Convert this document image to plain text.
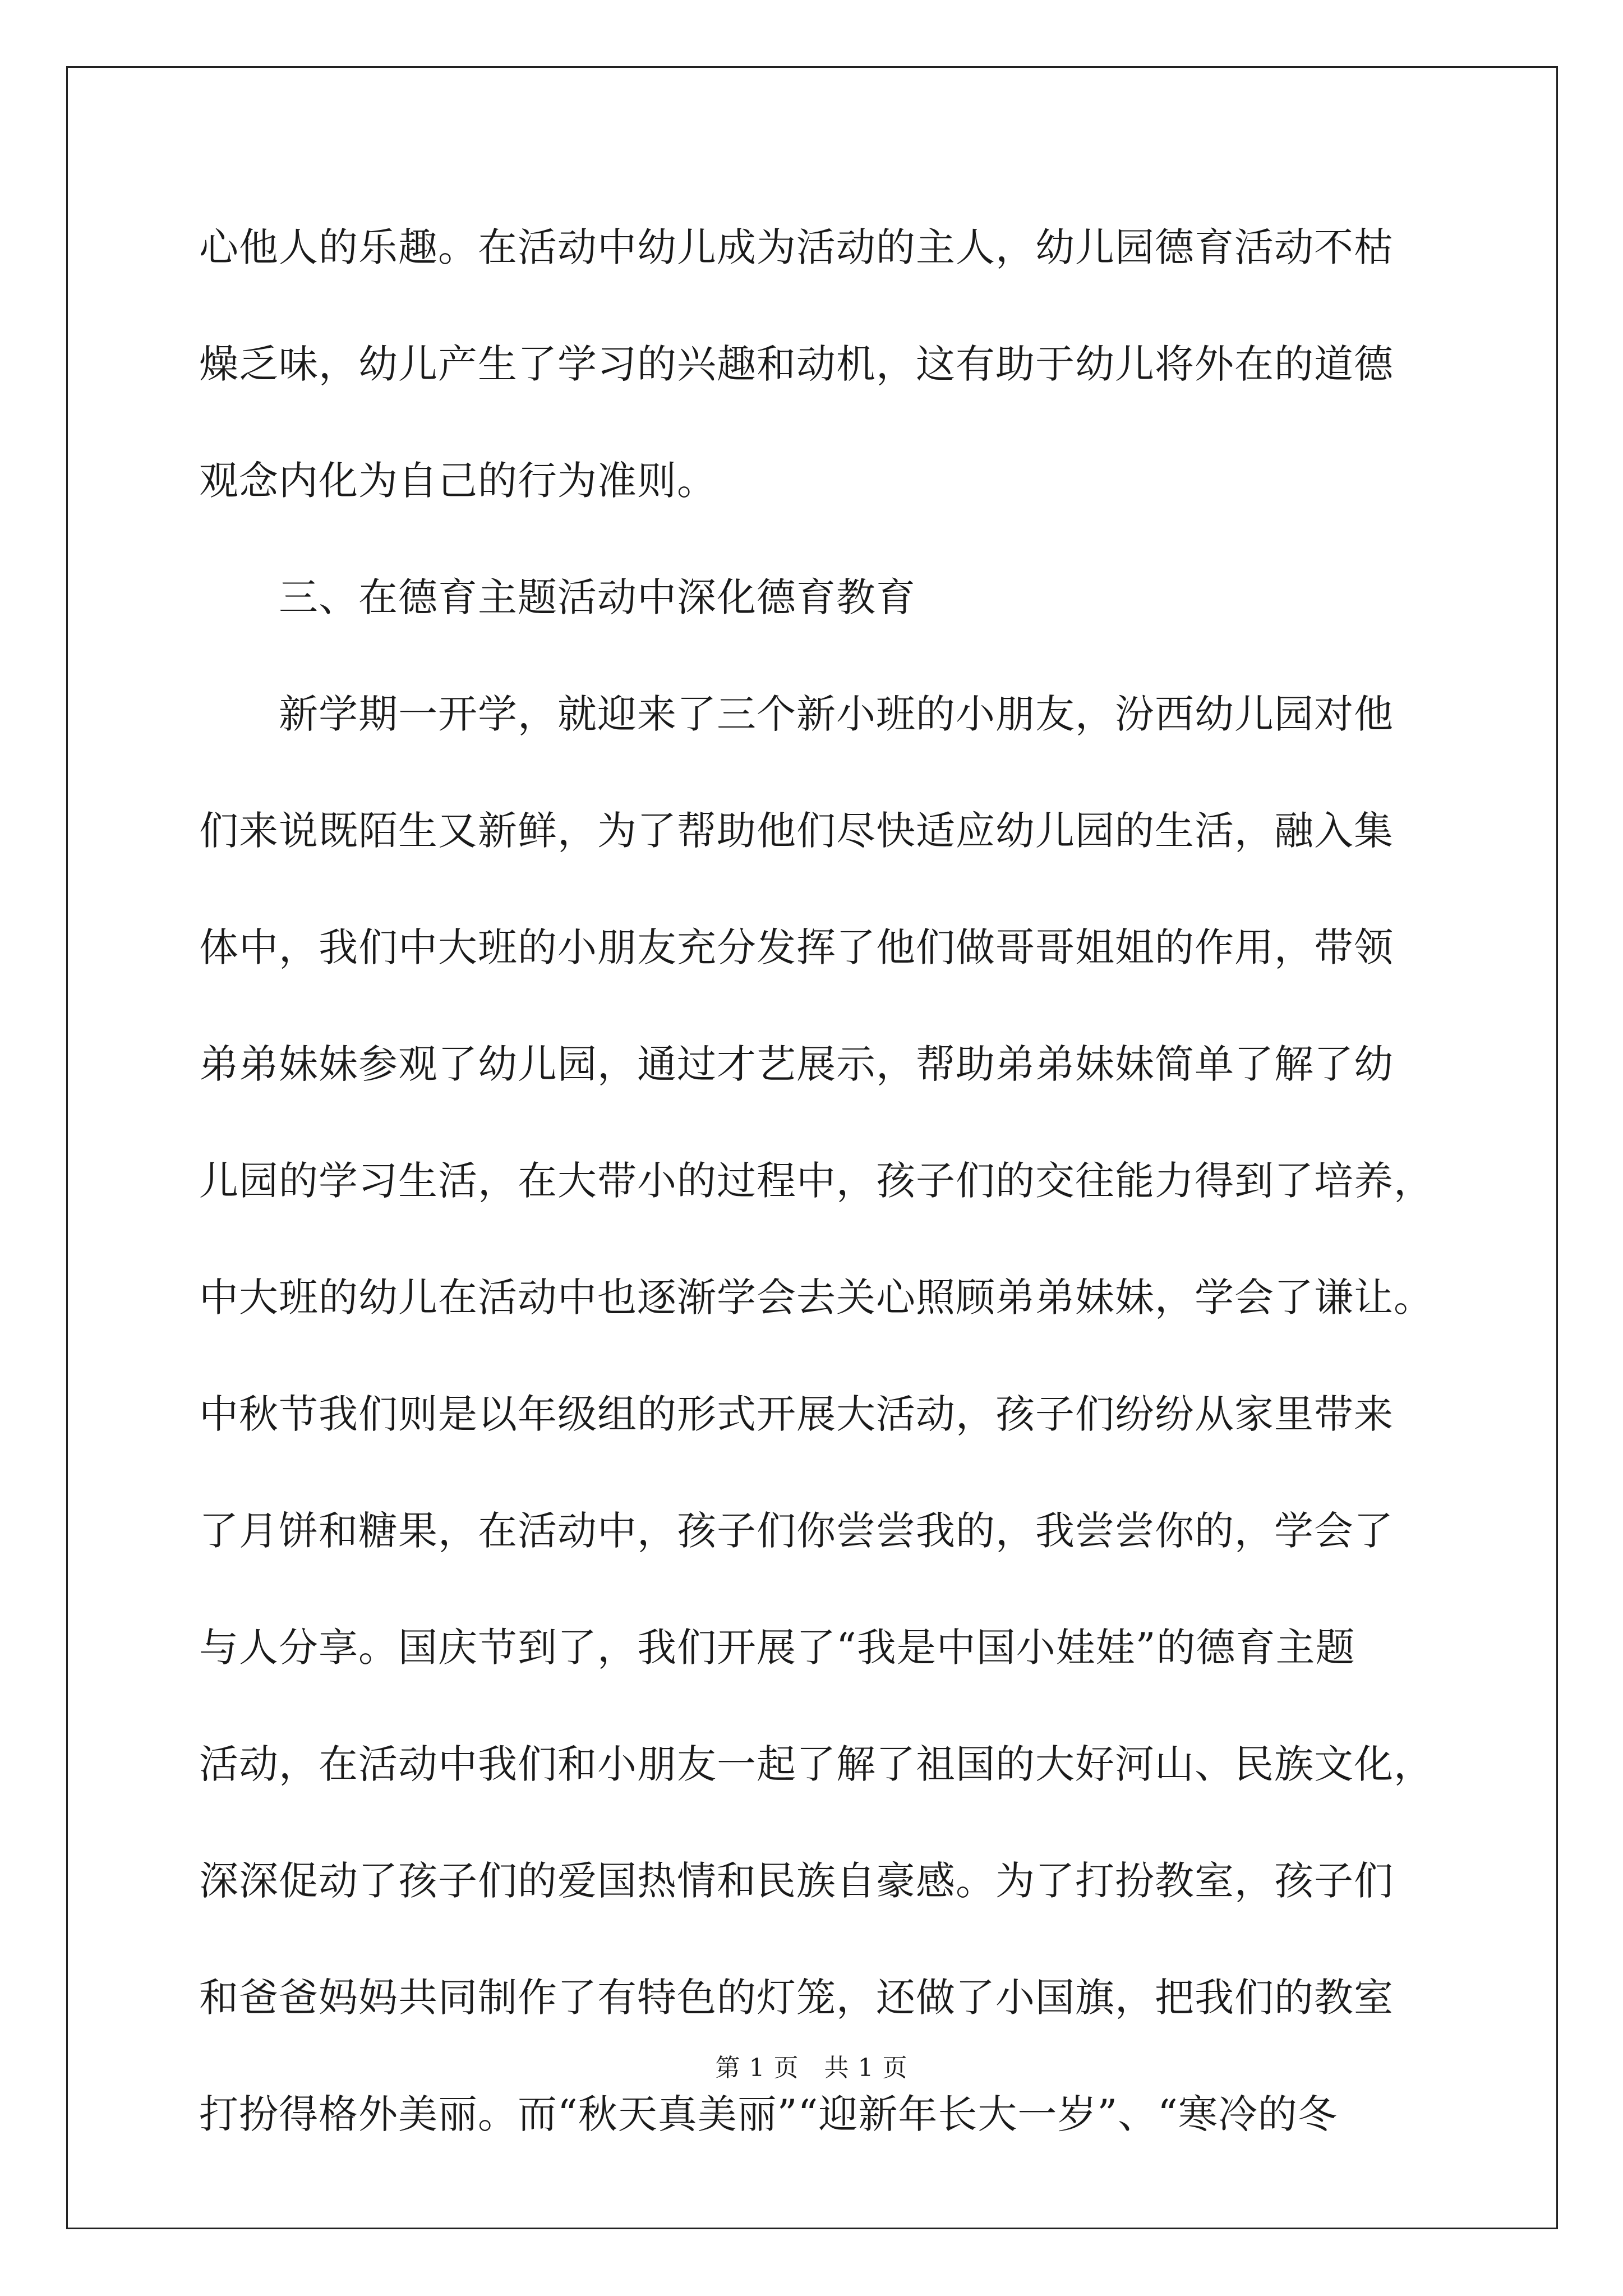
心他人的乐趣。在活动中幼儿成为活动的主人，幼儿园德育活动不枯
燥乏味，幼儿产生了学习的兴趣和动机，这有助于幼儿将外在的道德
观念内化为自己的行为准则。
　　三、在德育主题活动中深化德育教育
　　新学期一开学，就迎来了三个新小班的小朋友，汾西幼儿园对他
们来说既陌生又新鲜，为了帮助他们尽快适应幼儿园的生活，融入集
体中，我们中大班的小朋友充分发挥了他们做哥哥姐姐的作用，带领
弟弟妹妹参观了幼儿园，通过才艺展示，帮助弟弟妹妹简单了解了幼
儿园的学习生活，在大带小的过程中，孩子们的交往能力得到了培养，
中大班的幼儿在活动中也逐渐学会去关心照顾弟弟妹妹，学会了谦让。
中秋节我们则是以年级组的形式开展大活动，孩子们纷纷从家里带来
了月饼和糖果，在活动中，孩子们你尝尝我的，我尝尝你的，学会了
与人分享。国庆节到了，我们开展了“我是中国小娃娃”的德育主题
活动，在活动中我们和小朋友一起了解了祖国的大好河山、民族文化，
深深促动了孩子们的爱国热情和民族自豪感。为了打扮教室，孩子们
和爸爸妈妈共同制作了有特色的灯笼，还做了小国旗，把我们的教室
打扮得格外美丽。而“秋天真美丽”“迎新年长大一岁”、“寒冷的冬
第 1 页　共 1 页
